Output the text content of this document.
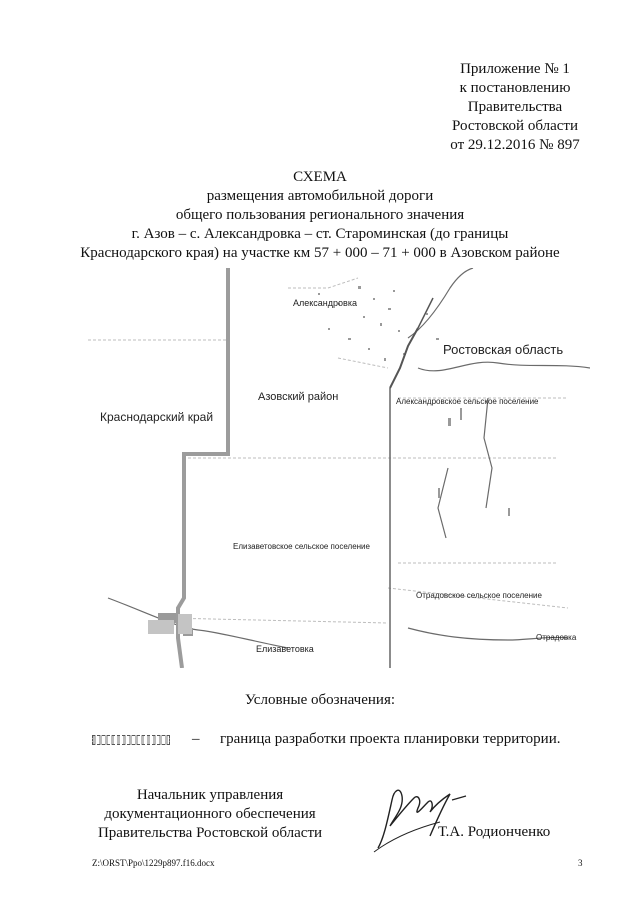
Приложение № 1
к постановлению
Правительства
Ростовской области
от 29.12.2016 № 897
СХЕМА
размещения автомобильной дороги
общего пользования регионального значения
г. Азов – с. Александровка – ст. Староминская (до границы
Краснодарского края) на участке км 57 + 000 – 71 + 000 в Азовском районе
Александровка
Ростовская область
Александровское сельское поселение
Азовский район
Краснодарский край
Елизаветовское сельское поселение
Отрадовское сельское поселение
Отрадовка
Елизаветовка
Условные обозначения:
– граница разработки проекта планировки территории.
Начальник управления
документационного обеспечения
Правительства Ростовской области	Т.А. Родионченко
Z:\ORST\Ppo\1229p897.f16.docx	3
